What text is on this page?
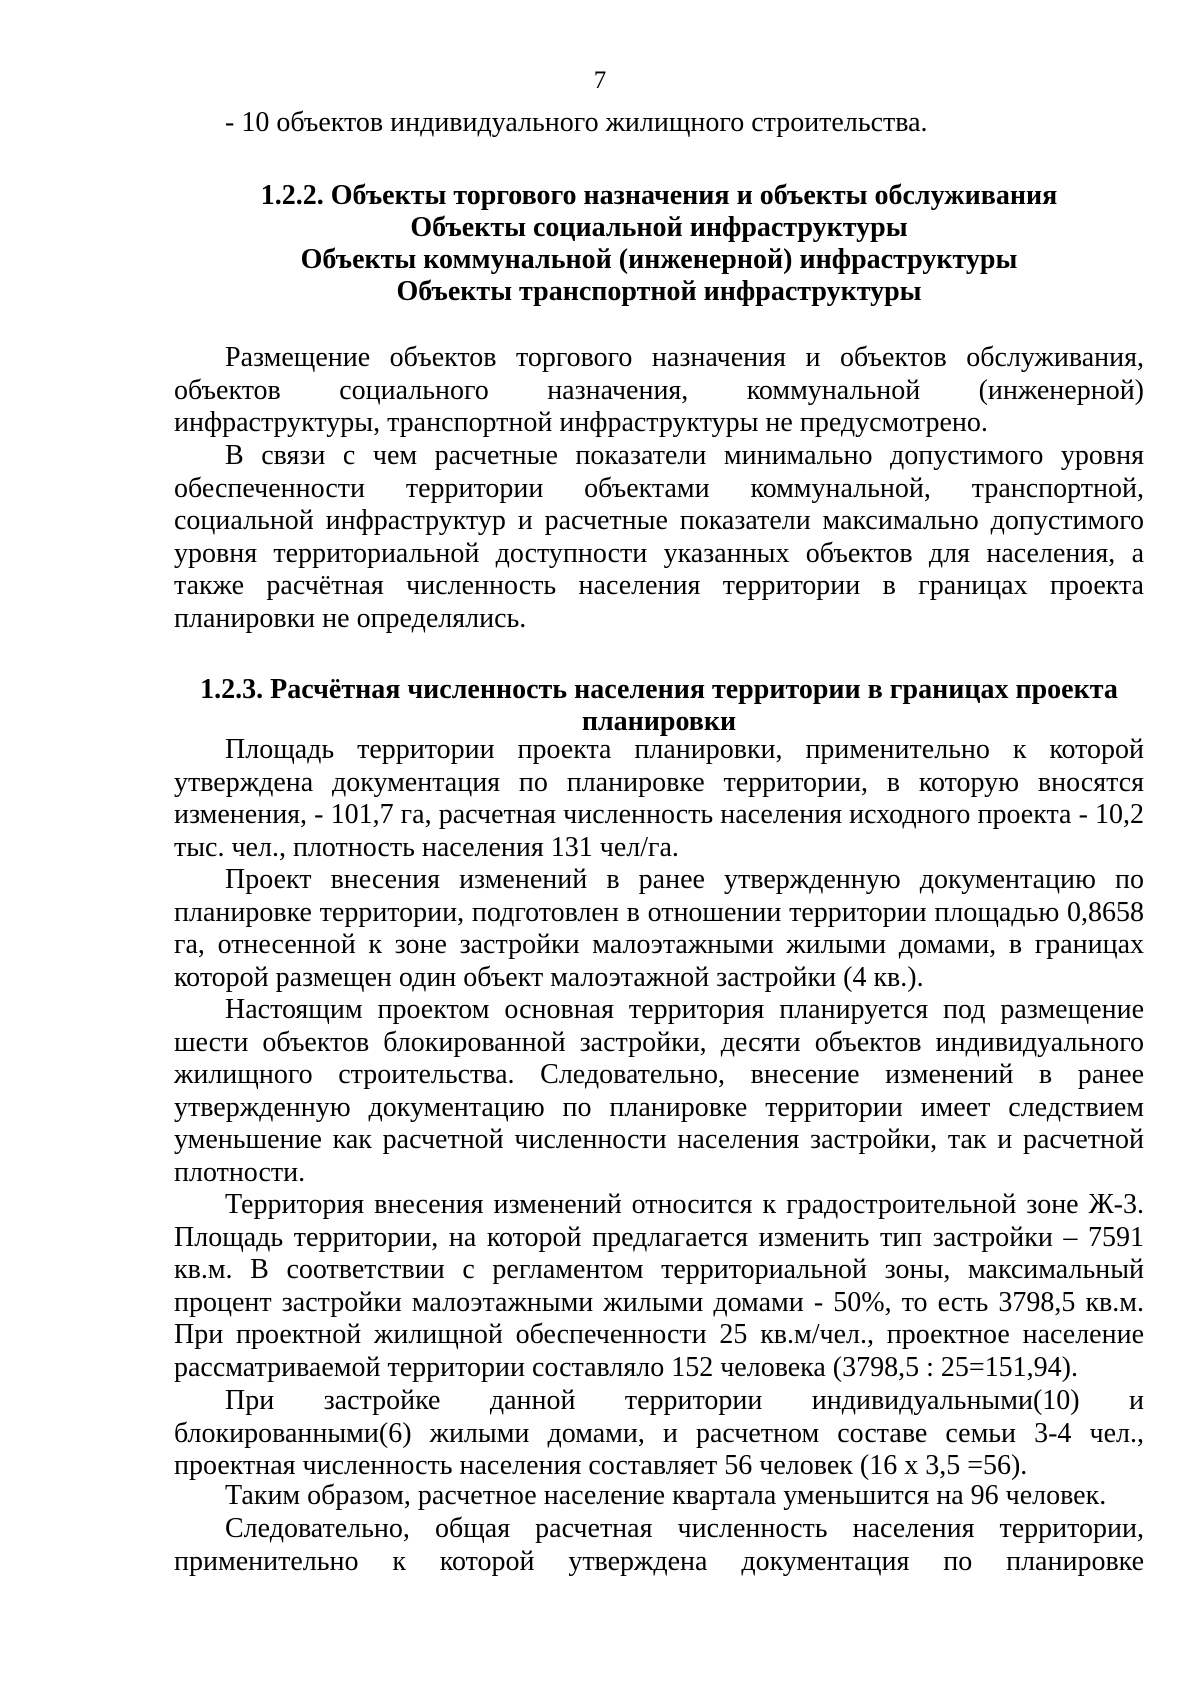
7
- 10 объектов индивидуального жилищного строительства.
1.2.2. Объекты торгового назначения и объекты обслуживания
Объекты социальной инфраструктуры
Объекты коммунальной (инженерной) инфраструктуры
Объекты транспортной инфраструктуры

Размещение объектов торгового назначения и объектов обслуживания, объектов социального назначения, коммунальной (инженерной) инфраструктуры, транспортной инфраструктуры не предусмотрено.

В связи с чем расчетные показатели минимально допустимого уровня обеспеченности территории объектами коммунальной, транспортной, социальной инфраструктур и расчетные показатели максимально допустимого уровня территориальной доступности указанных объектов для населения, а также расчётная численность населения территории в границах проекта планировки не определялись.

1.2.3. Расчётная численность населения территории в границах проекта
планировки

Площадь территории проекта планировки, применительно к которой утверждена документация по планировке территории, в которую вносятся изменения, - 101,7 га, расчетная численность населения исходного проекта - 10,2 тыс. чел., плотность населения 131 чел/га.

Проект внесения изменений в ранее утвержденную документацию по планировке территории, подготовлен в отношении территории площадью 0,8658 га, отнесенной к зоне застройки малоэтажными жилыми домами, в границах которой размещен один объект малоэтажной застройки (4 кв.).

Настоящим проектом основная территория планируется под размещение шести объектов блокированной застройки, десяти объектов индивидуального жилищного строительства. Следовательно, внесение изменений в ранее утвержденную документацию по планировке территории имеет следствием уменьшение как расчетной численности населения застройки, так и расчетной плотности.

Территория внесения изменений относится к градостроительной зоне Ж-3. Площадь территории, на которой предлагается изменить тип застройки – 7591 кв.м. В соответствии с регламентом территориальной зоны, максимальный процент застройки малоэтажными жилыми домами - 50%, то есть 3798,5 кв.м. При проектной жилищной обеспеченности 25 кв.м/чел., проектное население рассматриваемой территории составляло 152 человека (3798,5 : 25=151,94).

При застройке данной территории индивидуальными(10) и блокированными(6) жилыми домами, и расчетном составе семьи 3-4 чел., проектная численность населения составляет 56 человек (16 х 3,5 =56).

Таким образом, расчетное население квартала уменьшится на 96 человек.

Следовательно, общая расчетная численность населения территории, применительно к которой утверждена документация по планировке
